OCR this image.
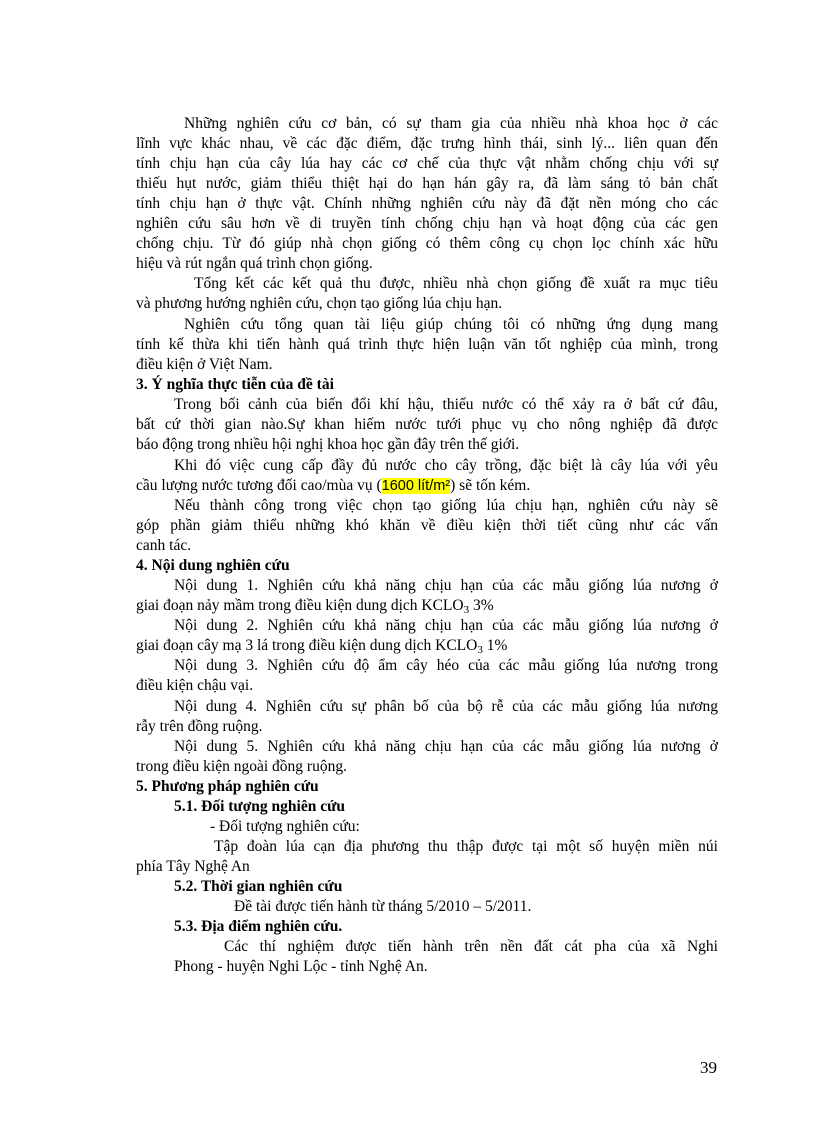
Những nghiên cứu cơ bản, có sự tham gia của nhiều nhà khoa học ở các
lĩnh vực khác nhau, về các đặc điểm, đặc trưng hình thái, sinh lý... liên quan đến
tính chịu hạn của cây lúa hay các cơ chế của thực vật nhằm chống chịu với sự
thiếu hụt nước, giảm thiểu thiệt hại do hạn hán gây ra, đã làm sáng tỏ bản chất
tính chịu hạn ở thực vật. Chính những nghiên cứu này đã đặt nền móng cho các
nghiên cứu sâu hơn về di truyền tính chống chịu hạn và hoạt động của các gen
chống chịu. Từ đó giúp nhà chọn giống có thêm công cụ chọn lọc chính xác hữu
hiệu và rút ngắn quá trình chọn giống.
Tổng kết các kết quả thu được, nhiều nhà chọn giống đề xuất ra mục tiêu
và phương hướng nghiên cứu, chọn tạo giống lúa chịu hạn.
Nghiên cứu tổng quan tài liệu giúp chúng tôi có những ứng dụng mang
tính kế thừa khi tiến hành quá trình thực hiện luận văn tốt nghiệp của mình, trong
điều kiện ở Việt Nam.
3. Ý nghĩa thực tiễn của đề tài
Trong bối cảnh của biến đổi khí hậu, thiếu nước có thể xảy ra ở bất cứ đâu,
bất cứ thời gian nào.Sự khan hiếm nước tưới phục vụ cho nông nghiệp đã được
báo động trong nhiều hội nghị khoa học gần đây trên thế giới.
Khi đó việc cung cấp đầy đủ nước cho cây trồng, đặc biệt là cây lúa với yêu
cầu lượng nước tương đối cao/mùa vụ (1600 lít/m²) sẽ tốn kém.
Nếu thành công trong việc chọn tạo giống lúa chịu hạn, nghiên cứu này sẽ
góp phần giảm thiểu những khó khăn về điều kiện thời tiết cũng như các vấn
canh tác.
4. Nội dung nghiên cứu
Nội dung 1. Nghiên cứu khả năng chịu hạn của các mẫu giống lúa nương ở
giai đoạn nảy mầm trong điều kiện dung dịch $KCLO_3$ 3%
Nội dung 2. Nghiên cứu khả năng chịu hạn của các mẫu giống lúa nương ở
giai đoạn cây mạ 3 lá trong điều kiện dung dịch $KCLO_3$ 1%
Nội dung 3. Nghiên cứu độ ẩm cây héo của các mẫu giống lúa nương trong
điều kiện chậu vại.
Nội dung 4. Nghiên cứu sự phân bố của bộ rễ của các mẫu giống lúa nương
rẫy trên đồng ruộng.
Nội dung 5. Nghiên cứu khả năng chịu hạn của các mẫu giống lúa nương ở
trong điều kiện ngoài đồng ruộng.
5. Phương pháp nghiên cứu
5.1. Đối tượng nghiên cứu
- Đối tượng nghiên cứu:
Tập đoàn lúa cạn địa phương thu thập được tại một số huyện miền núi
phía Tây Nghệ An
5.2. Thời gian nghiên cứu
Đề tài được tiến hành từ tháng 5/2010 – 5/2011.
5.3. Địa điểm nghiên cứu.
Các thí nghiệm được tiến hành trên nền đất cát pha của xã Nghi
Phong - huyện Nghi Lộc - tỉnh Nghệ An.
39
